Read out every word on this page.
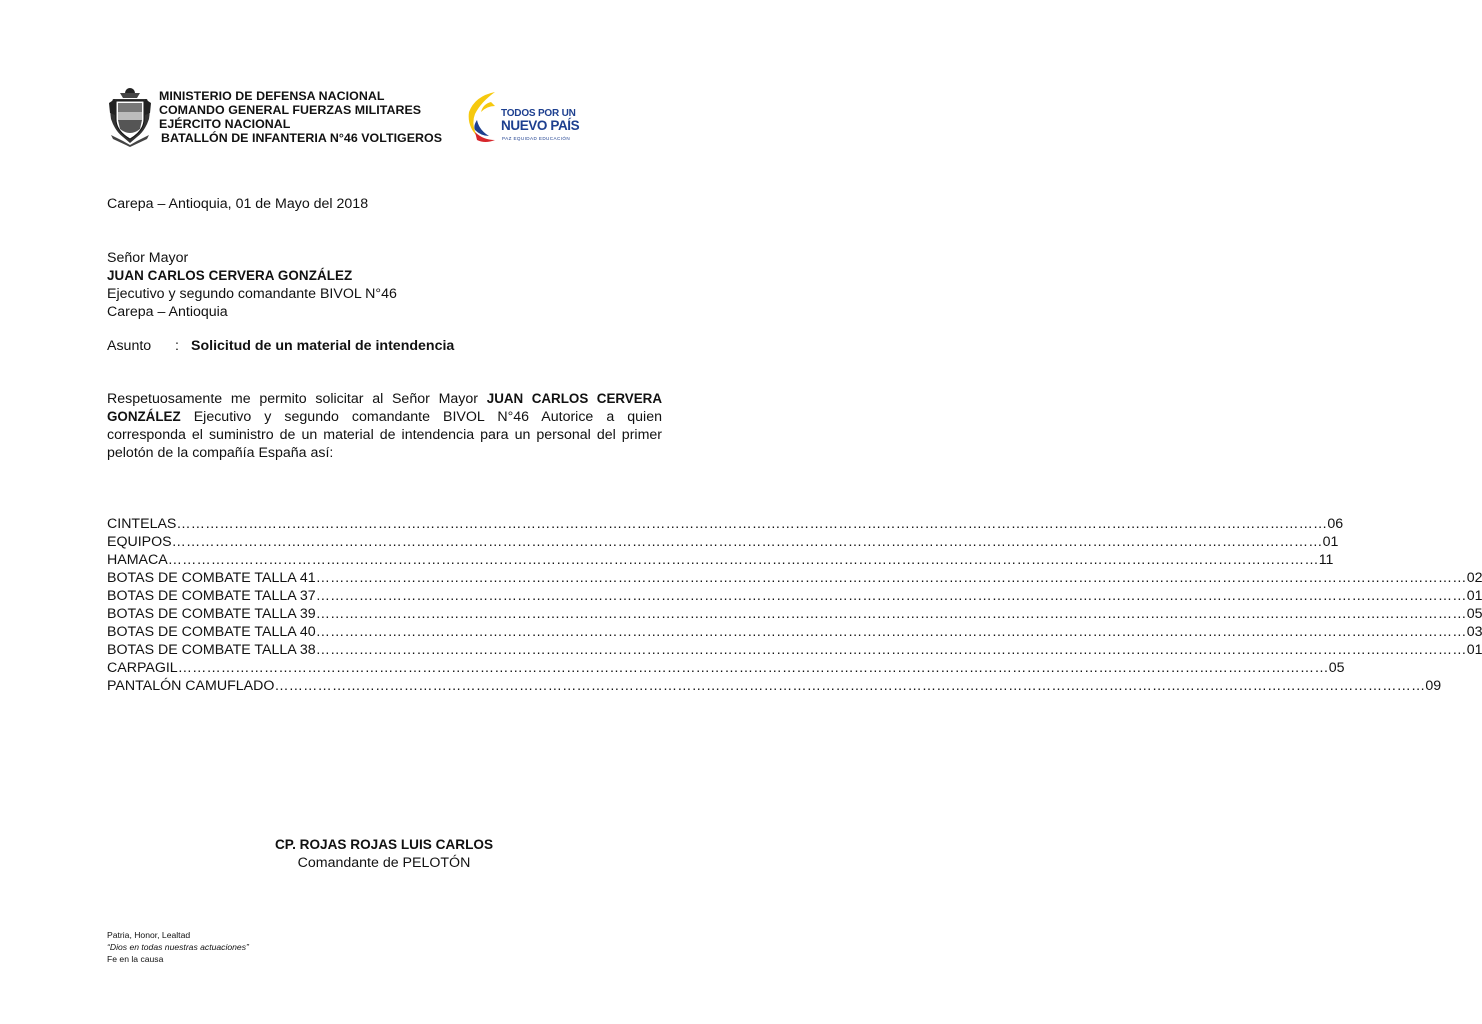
MINISTERIO DE DEFENSA NACIONAL
COMANDO GENERAL FUERZAS MILITARES
EJÉRCITO NACIONAL
BATALLÓN DE INFANTERIA N°46 VOLTIGEROS
TODOS POR UN
NUEVO PAÍS
PAZ EQUIDAD EDUCACIÓN
Carepa – Antioquia, 01 de Mayo del 2018
Señor Mayor
JUAN CARLOS CERVERA GONZÁLEZ
Ejecutivo y segundo comandante BIVOL N°46
Carepa – Antioquia
Asunto : Solicitud de un material de intendencia
Respetuosamente me permito solicitar al Señor Mayor JUAN CARLOS CERVERA GONZÁLEZ Ejecutivo y segundo comandante BIVOL N°46 Autorice a quien corresponda el suministro de un material de intendencia para un personal del primer pelotón de la compañía España así:
CINTELAS …………………………………………………………………………………………………………………………………………………………………………………………………………………… 06
EQUIPOS …………………………………………………………………………………………………………………………………………………………………………………………………………………… 01
HAMACA …………………………………………………………………………………………………………………………………………………………………………………………………………………… 11
BOTAS DE COMBATE TALLA 41 …………………………………………………………………………………………………………………………………………………………………………………………………………………… 02
BOTAS DE COMBATE TALLA 37 …………………………………………………………………………………………………………………………………………………………………………………………………………………… 01
BOTAS DE COMBATE TALLA 39 …………………………………………………………………………………………………………………………………………………………………………………………………………………… 05
BOTAS DE COMBATE TALLA 40 …………………………………………………………………………………………………………………………………………………………………………………………………………………… 03
BOTAS DE COMBATE TALLA 38 …………………………………………………………………………………………………………………………………………………………………………………………………………………… 01
CARPAGIL …………………………………………………………………………………………………………………………………………………………………………………………………………………… 05
PANTALÓN CAMUFLADO …………………………………………………………………………………………………………………………………………………………………………………………………………………… 09
CP. ROJAS ROJAS LUIS CARLOS
Comandante de PELOTÓN
Patria, Honor, Lealtad
“Dios en todas nuestras actuaciones”
Fe en la causa
